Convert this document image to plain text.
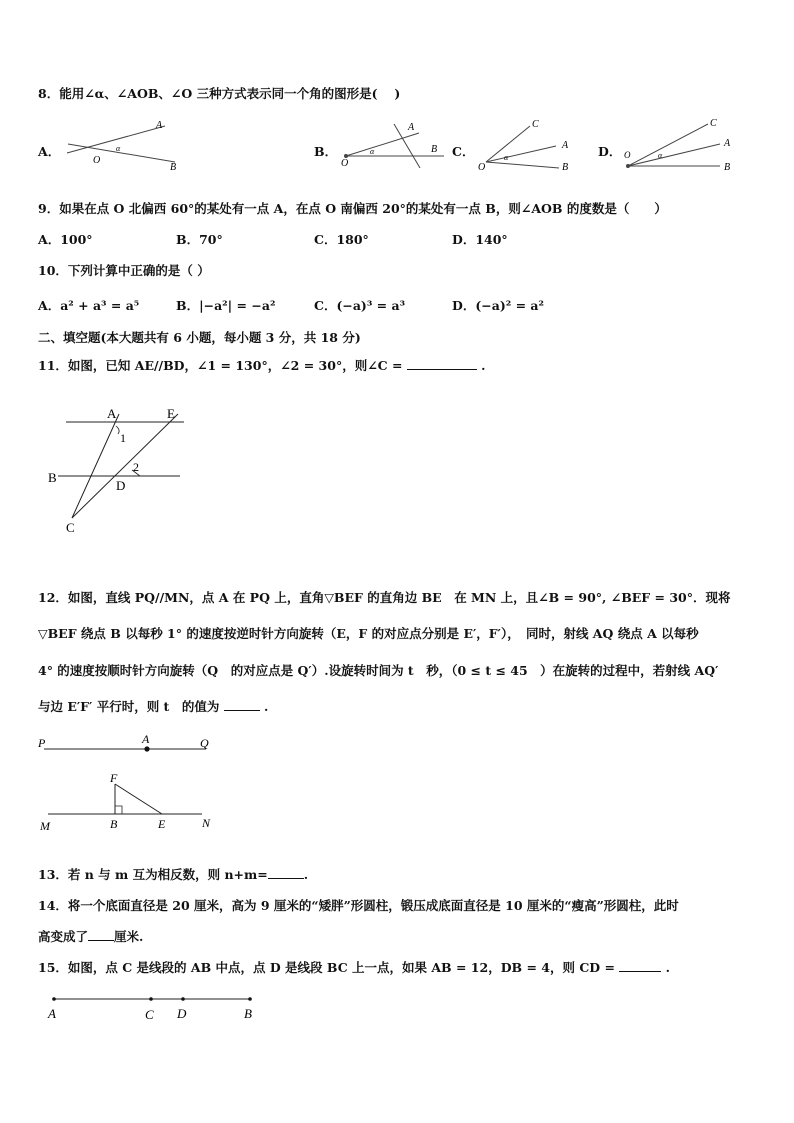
8．能用∠α、∠AOB、∠O 三种方式表示同一个角的图形是(　 )
A．
A
O
α
B
B．
A
O
α	B C．
C
A
O
α
B
D．
C
A
O	α
B
9．如果在点 O 北偏西 60°的某处有一点 A，在点 O 南偏西 20°的某处有一点 B，则∠AOB 的度数是（　　）
A．100°	B．70°	C．180°	D．140°
10．下列计算中正确的是（ ）
A．a² + a³ = a⁵	B．|−a²| = −a²	C．(−a)³ = a³	D．(−a)² = a²
二、填空题(本大题共有 6 小题，每小题 3 分，共 18 分)
11．如图，已知 AE//BD，∠1 = 130°，∠2 = 30°，则∠C =	.
A	E
B
D
C
1
2
12．如图，直线 PQ//MN，点 A 在 PQ 上，直角▽BEF 的直角边 BE　在 MN 上，且∠B = 90°, ∠BEF = 30°．现将
▽BEF 绕点 B 以每秒 1° 的速度按逆时针方向旋转（E，F 的对应点分别是 E′，F′），　同时，射线 AQ 绕点 A 以每秒
4° 的速度按顺时针方向旋转（Q　的对应点是 Q′）.设旋转时间为 t　秒，（0 ≤ t ≤ 45　）在旋转的过程中，若射线 AQ′
与边 E′F′ 平行时，则 t　的值为	.
P	A	Q
F
M	B	E	N
13．若 n 与 m 互为相反数，则 n+m=	.
14．将一个底面直径是 20 厘米，高为 9 厘米的“矮胖”形圆柱，锻压成底面直径是 10 厘米的“瘦高”形圆柱，此时
高变成了 厘米.
15．如图，点 C 是线段的 AB 中点，点 D 是线段 BC 上一点，如果 AB = 12，DB = 4，则 CD =	.
A	C D	B
